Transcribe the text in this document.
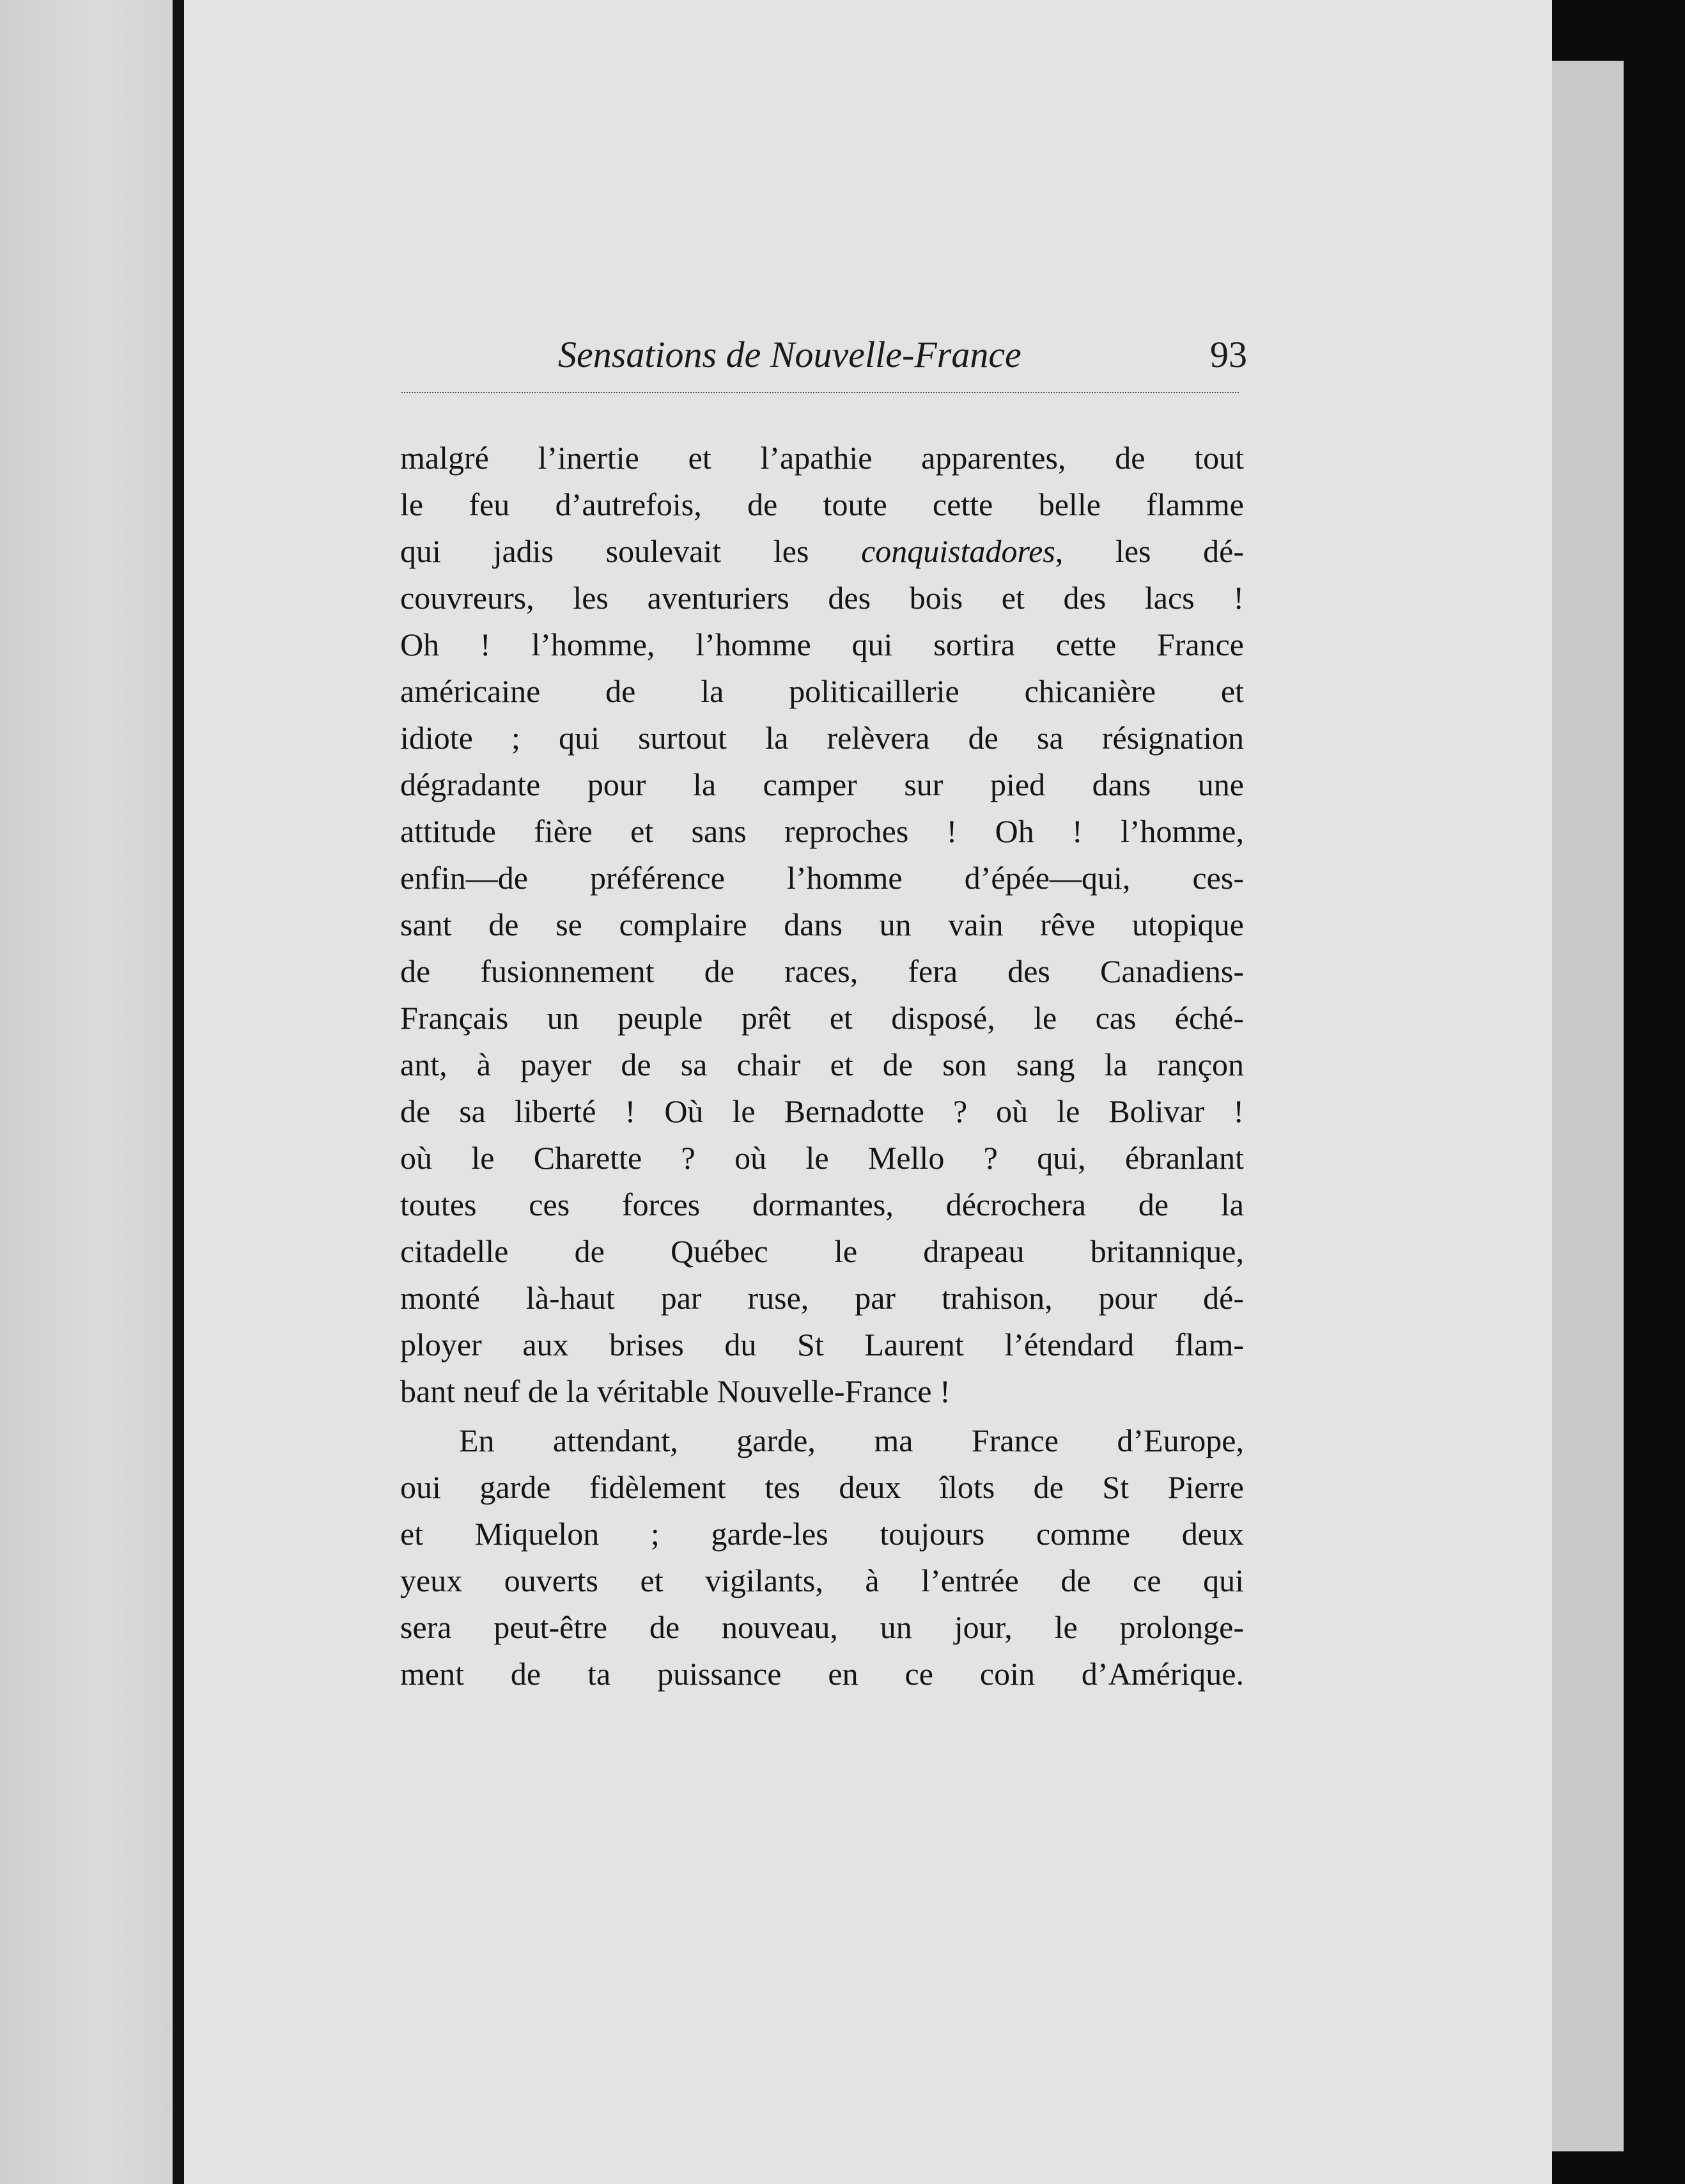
Sensations de Nouvelle-France	93
malgré l’inertie et l’apathie apparentes, de tout
le feu d’autrefois, de toute cette belle flamme
qui jadis soulevait les conquistadores, les dé-
couvreurs, les aventuriers des bois et des lacs !
Oh ! l’homme, l’homme qui sortira cette France
américaine de la politicaillerie chicanière et
idiote ; qui surtout la relèvera de sa résignation
dégradante pour la camper sur pied dans une
attitude fière et sans reproches ! Oh ! l’homme,
enfin—de préférence l’homme d’épée—qui, ces-
sant de se complaire dans un vain rêve utopique
de fusionnement de races, fera des Canadiens-
Français un peuple prêt et disposé, le cas éché-
ant, à payer de sa chair et de son sang la rançon
de sa liberté ! Où le Bernadotte ? où le Bolivar !
où le Charette ? où le Mello ? qui, ébranlant
toutes ces forces dormantes, décrochera de la
citadelle de Québec le drapeau britannique,
monté là-haut par ruse, par trahison, pour dé-
ployer aux brises du St Laurent l’étendard flam-
bant neuf de la véritable Nouvelle-France !
En attendant, garde, ma France d’Europe,
oui garde fidèlement tes deux îlots de St Pierre
et Miquelon ; garde-les toujours comme deux
yeux ouverts et vigilants, à l’entrée de ce qui
sera peut-être de nouveau, un jour, le prolonge-
ment de ta puissance en ce coin d’Amérique.
